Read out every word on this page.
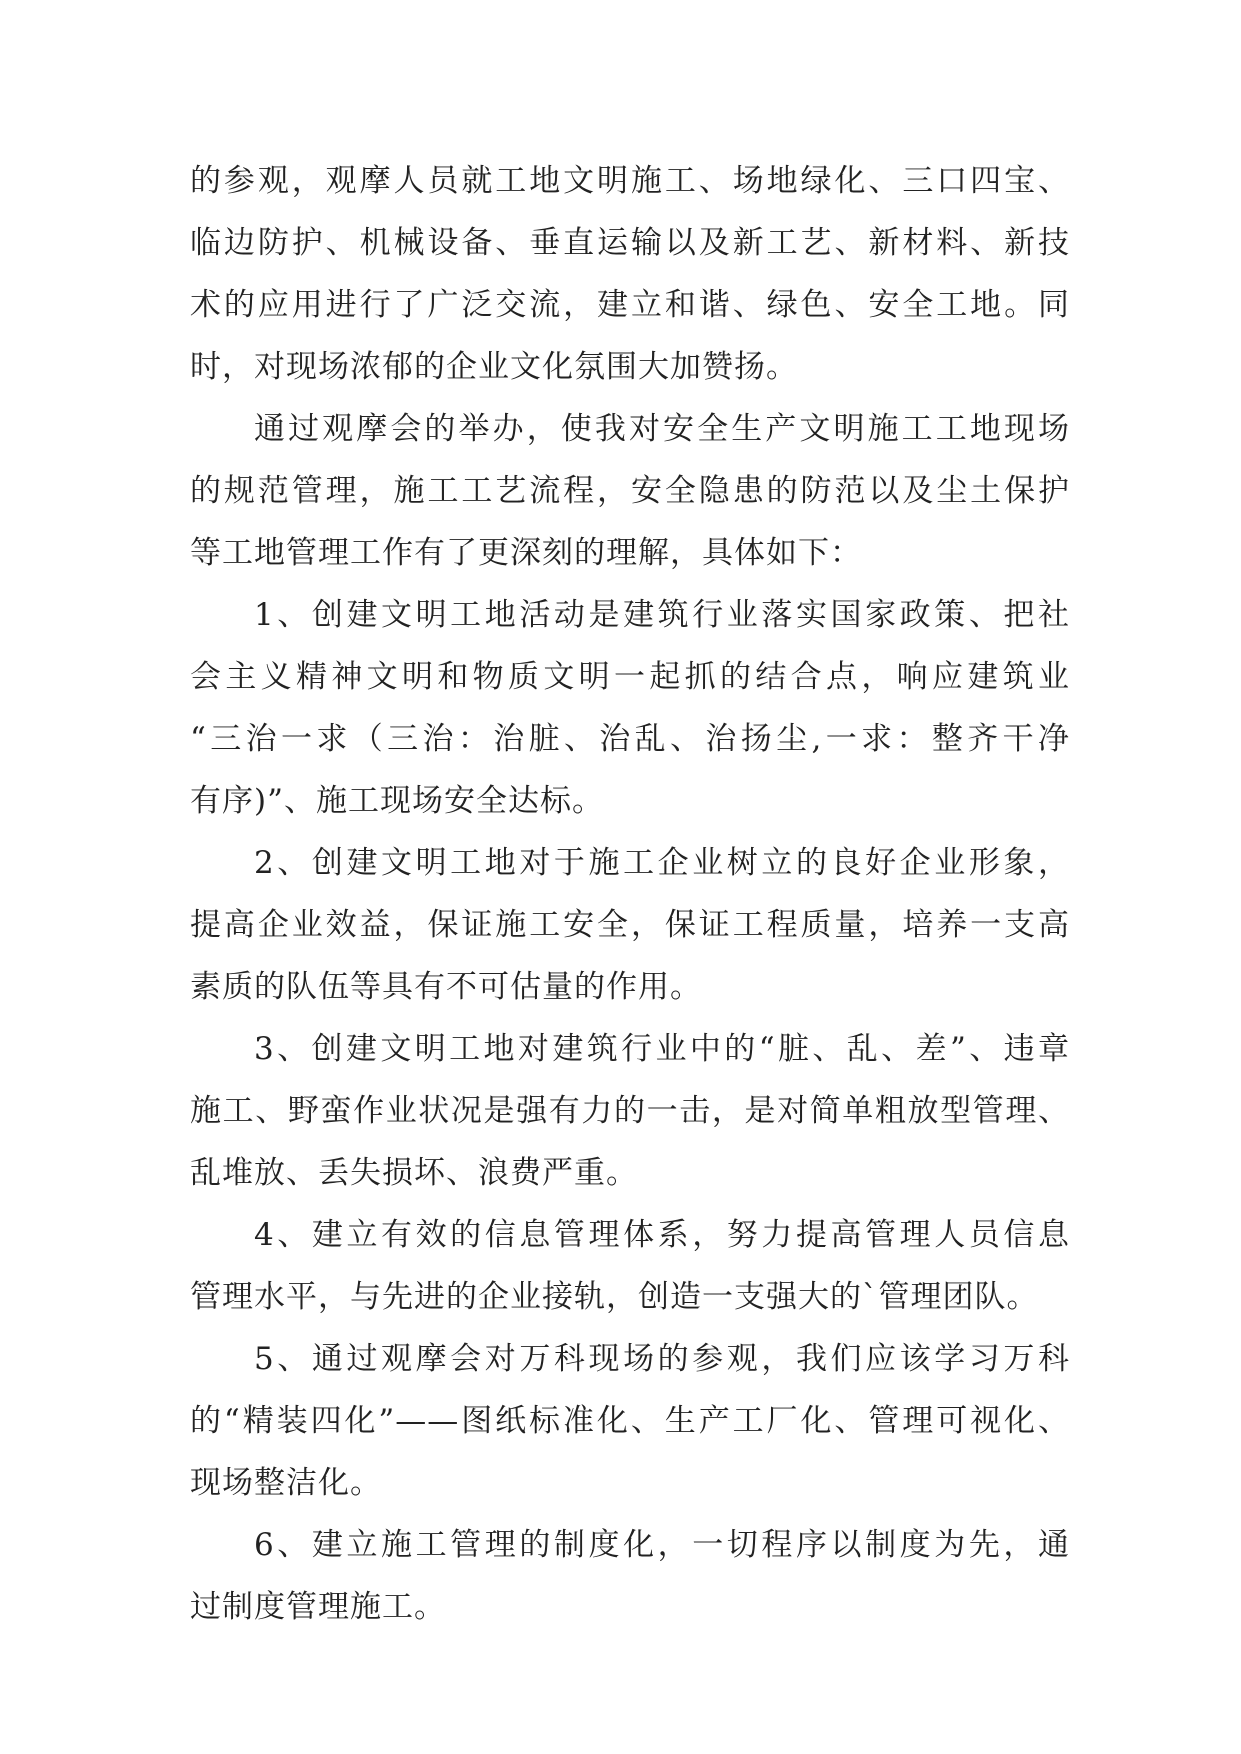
的参观，观摩人员就工地文明施工、场地绿化、三口四宝、
临边防护、机械设备、垂直运输以及新工艺、新材料、新技
术的应用进行了广泛交流，建立和谐、绿色、安全工地。同
时，对现场浓郁的企业文化氛围大加赞扬。
通过观摩会的举办，使我对安全生产文明施工工地现场
的规范管理，施工工艺流程，安全隐患的防范以及尘土保护
等工地管理工作有了更深刻的理解，具体如下：
1、创建文明工地活动是建筑行业落实国家政策、把社
会主义精神文明和物质文明一起抓的结合点，响应建筑业
“三治一求（三治：治脏、治乱、治扬尘,一求：整齐干净
有序)”、施工现场安全达标。
2、创建文明工地对于施工企业树立的良好企业形象，
提高企业效益，保证施工安全，保证工程质量，培养一支高
素质的队伍等具有不可估量的作用。
3、创建文明工地对建筑行业中的“脏、乱、差”、违章
施工、野蛮作业状况是强有力的一击，是对简单粗放型管理、
乱堆放、丢失损坏、浪费严重。
4、建立有效的信息管理体系，努力提高管理人员信息
管理水平，与先进的企业接轨，创造一支强大的`管理团队。
5、通过观摩会对万科现场的参观，我们应该学习万科
的“精装四化”——图纸标准化、生产工厂化、管理可视化、
现场整洁化。
6、建立施工管理的制度化，一切程序以制度为先，通
过制度管理施工。
